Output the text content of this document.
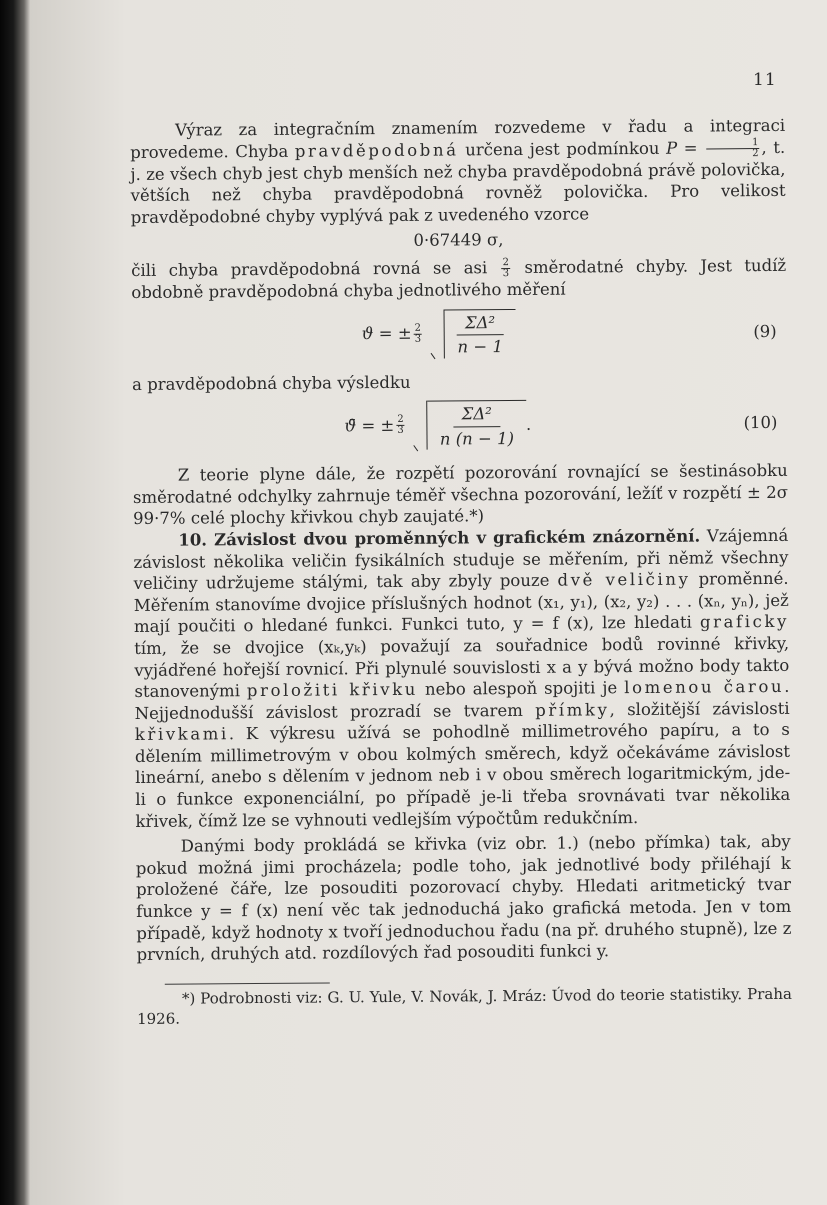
11

Výraz za integračním znamením rozvedeme v řadu a integraci provedeme. Chyba pravděpodobná určena jest podmínkou $P = \frac{1}{2}$ , t. j. ze všech chyb jest chyb menších než chyba pravděpodobná právě polovička, větších než chyba pravděpodobná rovněž polovička. Pro velikost pravděpodobné chyby vyplývá pak z uvedeného vzorce

0·67449 σ,

čili chyba pravděpodobná rovná se asi $\frac{2}{3}$ směrodatné chyby. Jest tudíž obdobně pravděpodobná chyba jednotlivého měření

ϑ = ± $\frac{2}{3} \frac{\text{ΣΔ²}}{n - 1}$	(9)

a pravděpodobná chyba výsledku

ϑ̄ = ± $\frac{2}{3} \frac{\text{ΣΔ²}}{n (n - 1)}$ .	(10)

Z teorie plyne dále, že rozpětí pozorování rovnající se šestinásobku směrodatné odchylky zahrnuje téměř všechna pozorování, ležíť v rozpětí ± 2σ 99·7% celé plochy křivkou chyb zaujaté.*)

10. Závislost dvou proměnných v grafickém znázornění. Vzájemná závislost několika veličin fysikálních studuje se měřením, při němž všechny veličiny udržujeme stálými, tak aby zbyly pouze dvě veličiny proměnné. Měřením stanovíme dvojice příslušných hodnot (x₁, y₁), (x₂, y₂) . . . (xₙ, yₙ), jež mají poučiti o hledané funkci. Funkci tuto, y = f (x), lze hledati graficky tím, že se dvojice (xₖ,yₖ) považují za souřadnice bodů rovinné křivky, vyjádřené hořejší rovnicí. Při plynulé souvislosti x a y bývá možno body takto stanovenými proložiti křivku nebo alespoň spojiti je lomenou čarou. Nejjednodušší závislost prozradí se tvarem přímky, složitější závislosti křivkami. K výkresu užívá se pohodlně millimetrového papíru, a to s dělením millimetrovým v obou kolmých směrech, když očekáváme závislost lineární, anebo s dělením v jednom neb i v obou směrech logaritmickým, jde-li o funkce exponenciální, po případě je-li třeba srovnávati tvar několika křivek, čímž lze se vyhnouti vedlejším výpočtům redukčním.

Danými body prokládá se křivka (viz obr. 1.) (nebo přímka) tak, aby pokud možná jimi procházela; podle toho, jak jednotlivé body přiléhají k proložené čáře, lze posouditi pozorovací chyby. Hledati aritmetický tvar funkce y = f (x) není věc tak jednoduchá jako grafická metoda. Jen v tom případě, když hodnoty x tvoří jednoduchou řadu (na př. druhého stupně), lze z prvních, druhých atd. rozdílových řad posouditi funkci y.

*) Podrobnosti viz: G. U. Yule, V. Novák, J. Mráz: Úvod do teorie statistiky. Praha 1926.
